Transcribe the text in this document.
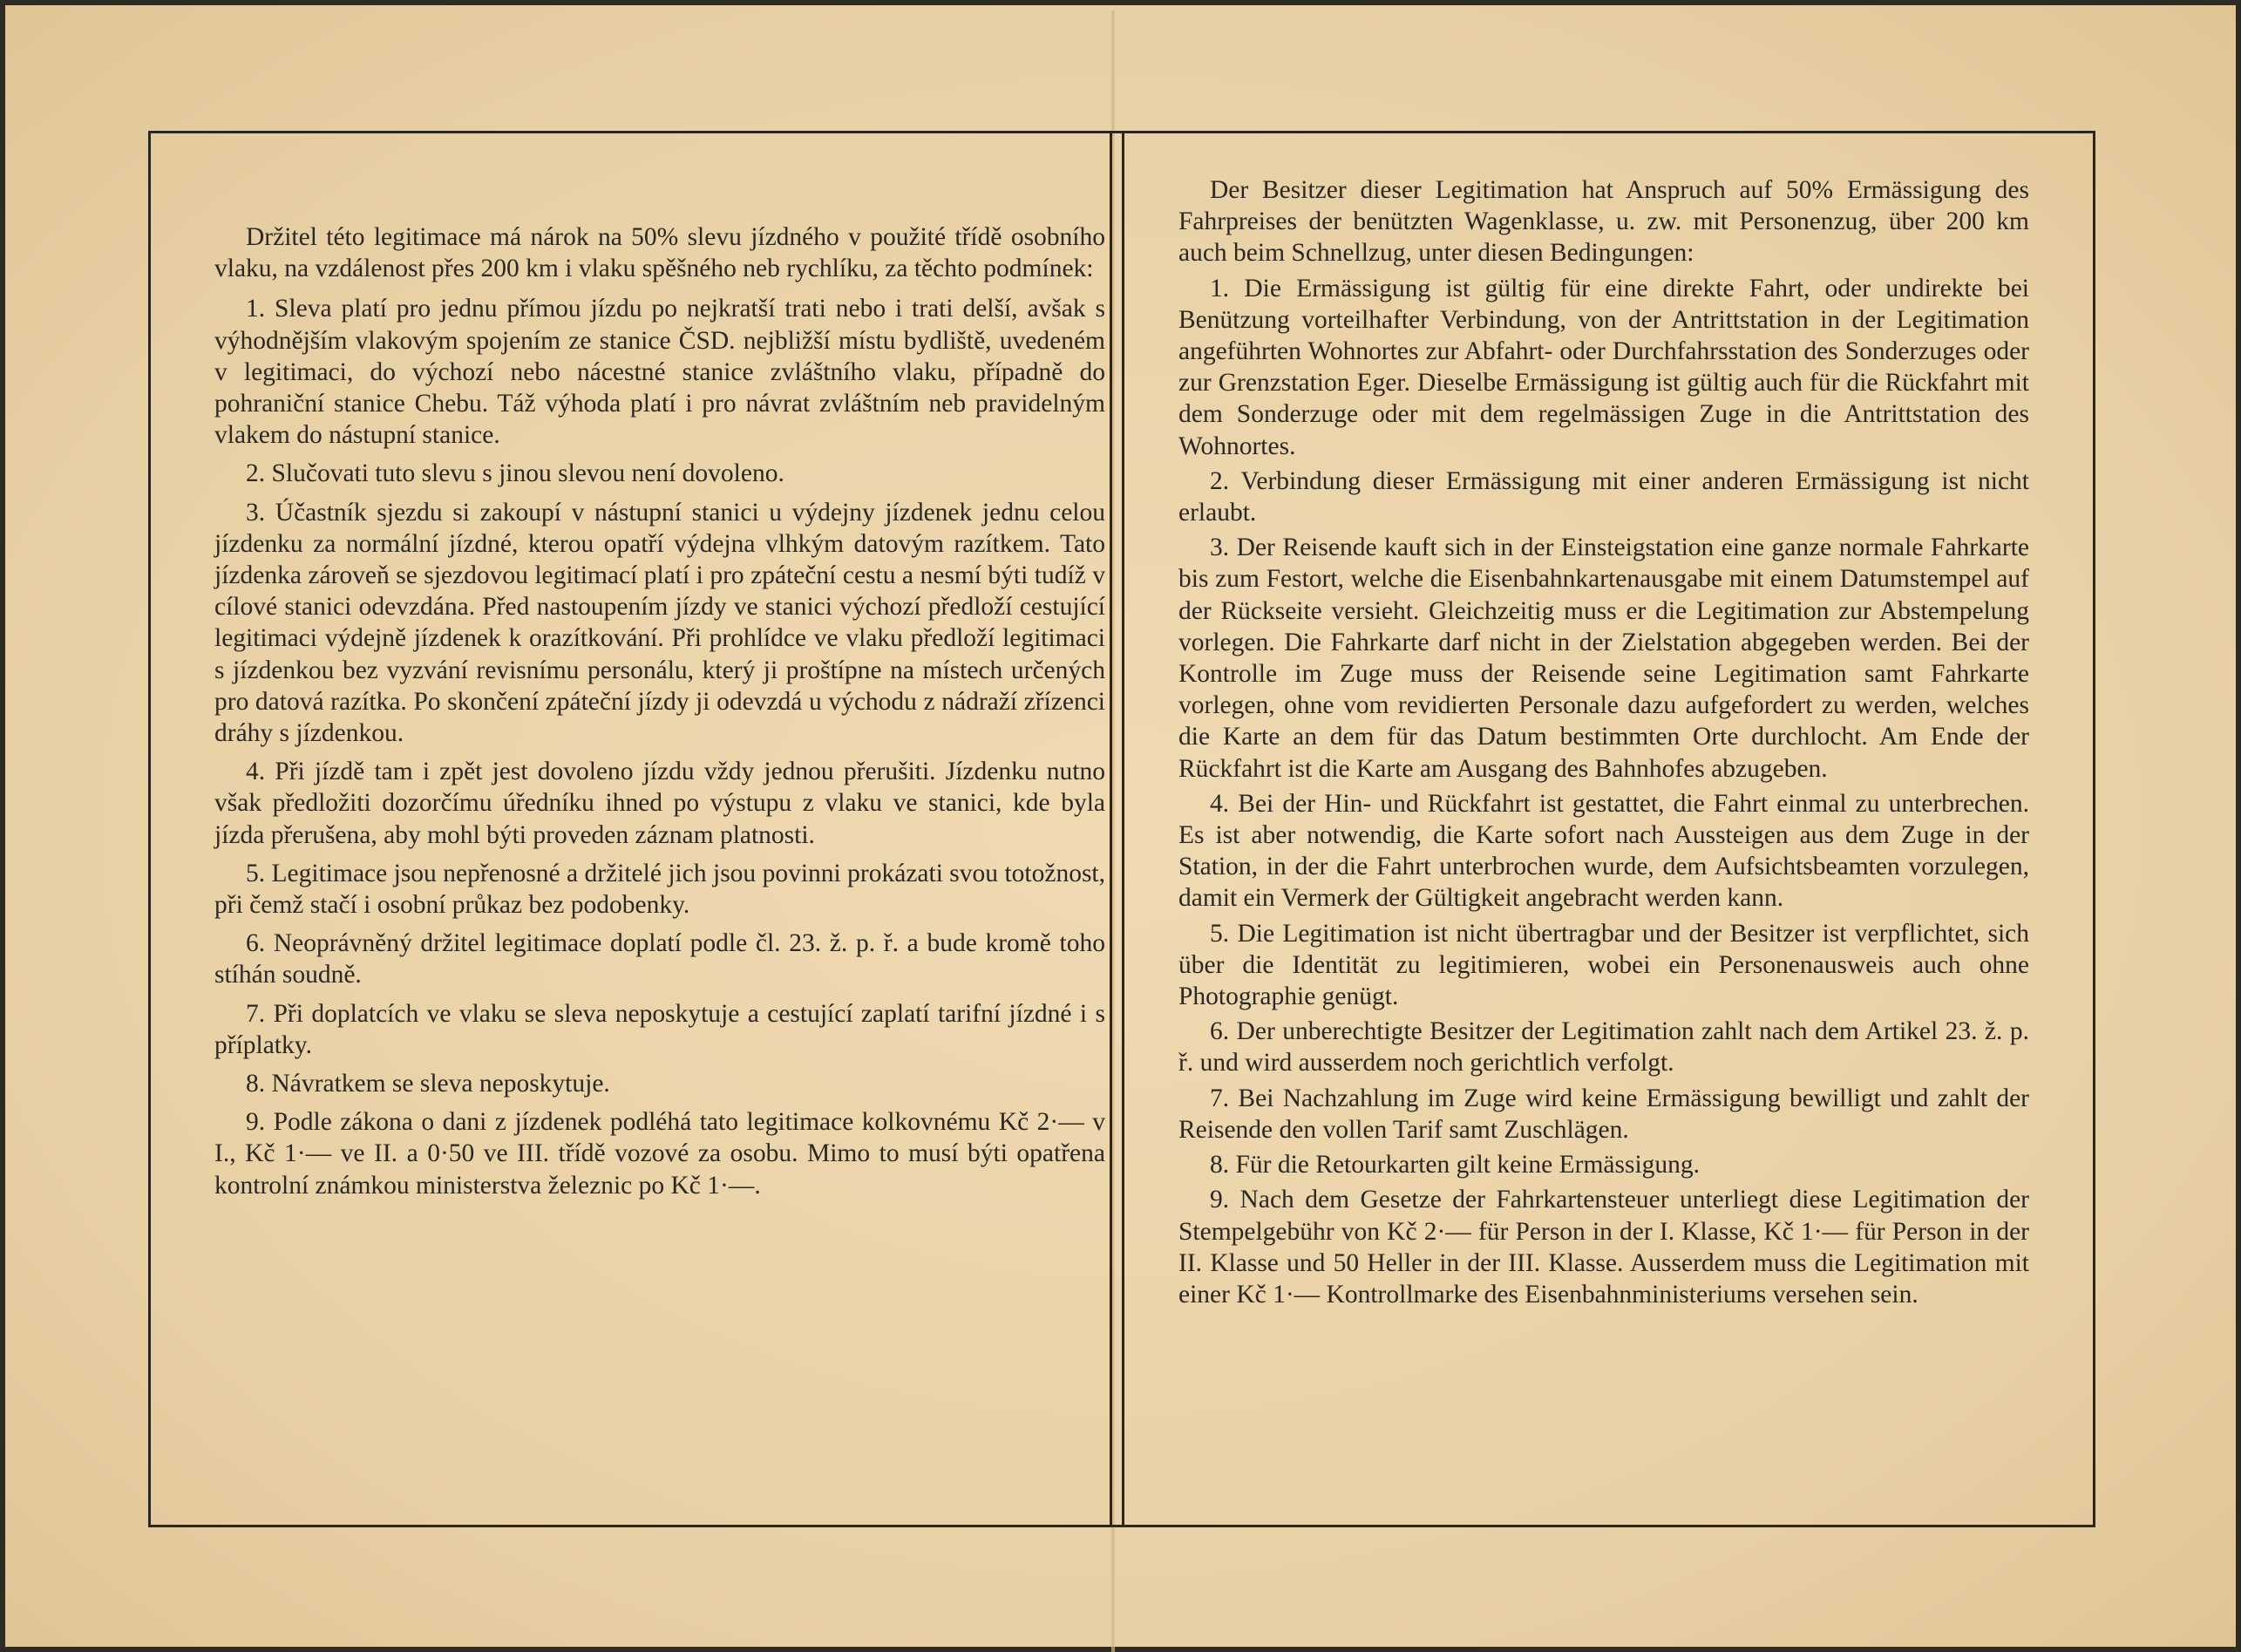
Držitel této legitimace má nárok na 50% slevu jízdného v použité třídě osobního vlaku, na vzdálenost přes 200 km i vlaku spěšného neb rychlíku, za těchto podmínek:

1. Sleva platí pro jednu přímou jízdu po nejkratší trati nebo i trati delší, avšak s výhodnějším vlakovým spojením ze stanice ČSD. nejbližší místu bydliště, uvedeném v legitimaci, do výchozí nebo nácestné stanice zvláštního vlaku, případně do pohraniční stanice Chebu. Táž výhoda platí i pro návrat zvláštním neb pravidelným vlakem do nástupní stanice.

2. Slučovati tuto slevu s jinou slevou není dovoleno.

3. Účastník sjezdu si zakoupí v nástupní stanici u výdejny jízdenek jednu celou jízdenku za normální jízdné, kterou opatří výdejna vlhkým datovým razítkem. Tato jízdenka zároveň se sjezdovou legitimací platí i pro zpáteční cestu a nesmí býti tudíž v cílové stanici odevzdána. Před nastoupením jízdy ve stanici výchozí předloží cestující legitimaci výdejně jízdenek k orazítkování. Při prohlídce ve vlaku předloží legitimaci s jízdenkou bez vyzvání revisnímu personálu, který ji proštípne na místech určených pro datová razítka. Po skončení zpáteční jízdy ji odevzdá u východu z nádraží zřízenci dráhy s jízdenkou.

4. Při jízdě tam i zpět jest dovoleno jízdu vždy jednou přerušiti. Jízdenku nutno však předložiti dozorčímu úředníku ihned po výstupu z vlaku ve stanici, kde byla jízda přerušena, aby mohl býti proveden záznam platnosti.

5. Legitimace jsou nepřenosné a držitelé jich jsou povinni prokázati svou totožnost, při čemž stačí i osobní průkaz bez podobenky.

6. Neoprávněný držitel legitimace doplatí podle čl. 23. ž. p. ř. a bude kromě toho stíhán soudně.

7. Při doplatcích ve vlaku se sleva neposkytuje a cestující zaplatí tarifní jízdné i s příplatky.

8. Návratkem se sleva neposkytuje.

9. Podle zákona o dani z jízdenek podléhá tato legitimace kolkovnému Kč 2·— v I., Kč 1·— ve II. a 0·50 ve III. třídě vozové za osobu. Mimo to musí býti opatřena kontrolní známkou ministerstva železnic po Kč 1·—.

Der Besitzer dieser Legitimation hat Anspruch auf 50% Ermässigung des Fahrpreises der benützten Wagenklasse, u. zw. mit Personenzug, über 200 km auch beim Schnellzug, unter diesen Bedingungen:

1. Die Ermässigung ist gültig für eine direkte Fahrt, oder undirekte bei Benützung vorteilhafter Verbindung, von der Antrittstation in der Legitimation angeführten Wohnortes zur Abfahrt- oder Durchfahrsstation des Sonderzuges oder zur Grenzstation Eger. Dieselbe Ermässigung ist gültig auch für die Rückfahrt mit dem Sonderzuge oder mit dem regelmässigen Zuge in die Antrittstation des Wohnortes.

2. Verbindung dieser Ermässigung mit einer anderen Ermässigung ist nicht erlaubt.

3. Der Reisende kauft sich in der Einsteigstation eine ganze normale Fahrkarte bis zum Festort, welche die Eisenbahnkartenausgabe mit einem Datumstempel auf der Rückseite versieht. Gleichzeitig muss er die Legitimation zur Abstempelung vorlegen. Die Fahrkarte darf nicht in der Zielstation abgegeben werden. Bei der Kontrolle im Zuge muss der Reisende seine Legitimation samt Fahrkarte vorlegen, ohne vom revidierten Personale dazu aufgefordert zu werden, welches die Karte an dem für das Datum bestimmten Orte durchlocht. Am Ende der Rückfahrt ist die Karte am Ausgang des Bahnhofes abzugeben.

4. Bei der Hin- und Rückfahrt ist gestattet, die Fahrt einmal zu unterbrechen. Es ist aber notwendig, die Karte sofort nach Aussteigen aus dem Zuge in der Station, in der die Fahrt unterbrochen wurde, dem Aufsichtsbeamten vorzulegen, damit ein Vermerk der Gültigkeit angebracht werden kann.

5. Die Legitimation ist nicht übertragbar und der Besitzer ist verpflichtet, sich über die Identität zu legitimieren, wobei ein Personenausweis auch ohne Photographie genügt.

6. Der unberechtigte Besitzer der Legitimation zahlt nach dem Artikel 23. ž. p. ř. und wird ausserdem noch gerichtlich verfolgt.

7. Bei Nachzahlung im Zuge wird keine Ermässigung bewilligt und zahlt der Reisende den vollen Tarif samt Zuschlägen.

8. Für die Retourkarten gilt keine Ermässigung.

9. Nach dem Gesetze der Fahrkartensteuer unterliegt diese Legitimation der Stempelgebühr von Kč 2·— für Person in der I. Klasse, Kč 1·— für Person in der II. Klasse und 50 Heller in der III. Klasse. Ausserdem muss die Legitimation mit einer Kč 1·— Kontrollmarke des Eisenbahnministeriums versehen sein.
